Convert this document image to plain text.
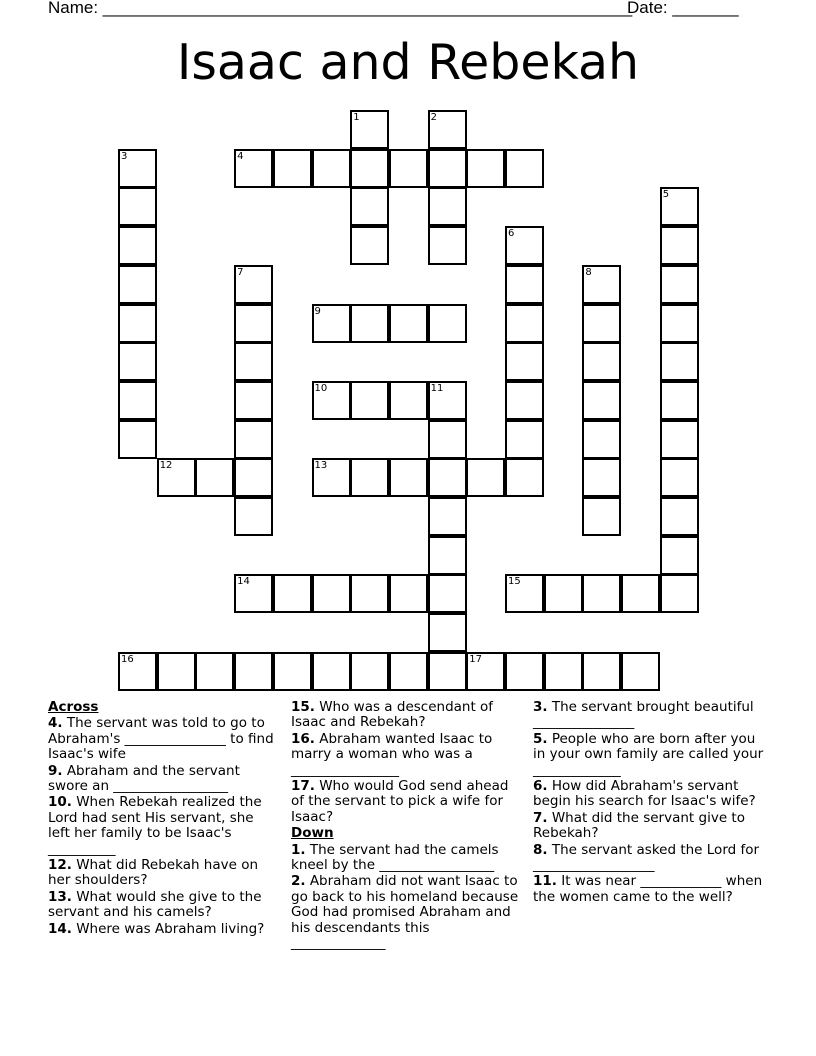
Name: ________________________________________________________
Date: _______
Isaac and Rebekah
1	2
3	4
5
6
7	8
9
10	11
12	13
14	15
16	17
Across
4. The servant was told to go to Abraham's _______________ to find Isaac's wife
9. Abraham and the servant swore an _________________
10. When Rebekah realized the Lord had sent His servant, she left her family to be Isaac's __________
12. What did Rebekah have on her shoulders?
13. What would she give to the servant and his camels?
14. Where was Abraham living?
15. Who was a descendant of Isaac and Rebekah?
16. Abraham wanted Isaac to marry a woman who was a ________________
17. Who would God send ahead of the servant to pick a wife for Isaac?
Down
1. The servant had the camels kneel by the _________________
2. Abraham did not want Isaac to go back to his homeland because God had promised Abraham and his descendants this ______________
3. The servant brought beautiful _______________
5. People who are born after you in your own family are called your _____________
6. How did Abraham's servant begin his search for Isaac's wife?
7. What did the servant give to Rebekah?
8. The servant asked the Lord for __________________
11. It was near ____________ when the women came to the well?
